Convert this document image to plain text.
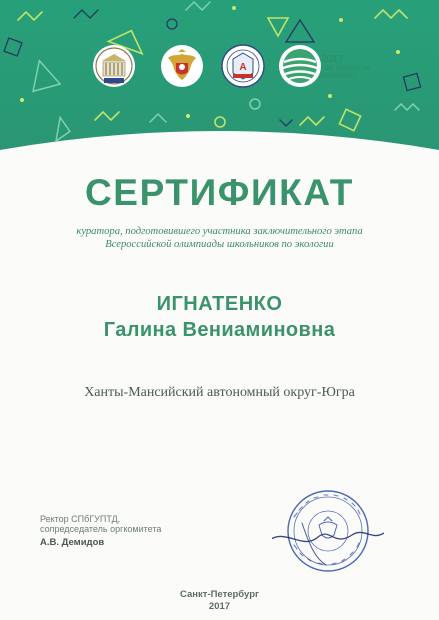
А
2017
ГОД ЭКОЛОГИИ
В РОССИИ
СЕРТИФИКАТ
куратора, подготовившего участника заключительного этапа
Всероссийской олимпиады школьников по экологии
ИГНАТЕНКО
Галина Вениаминовна
Ханты-Мансийский автономный округ-Югра
Ректор СПбГУПТД,
сопредседатель оргкомитета
А.В. Демидов
Санкт-Петербург
2017
